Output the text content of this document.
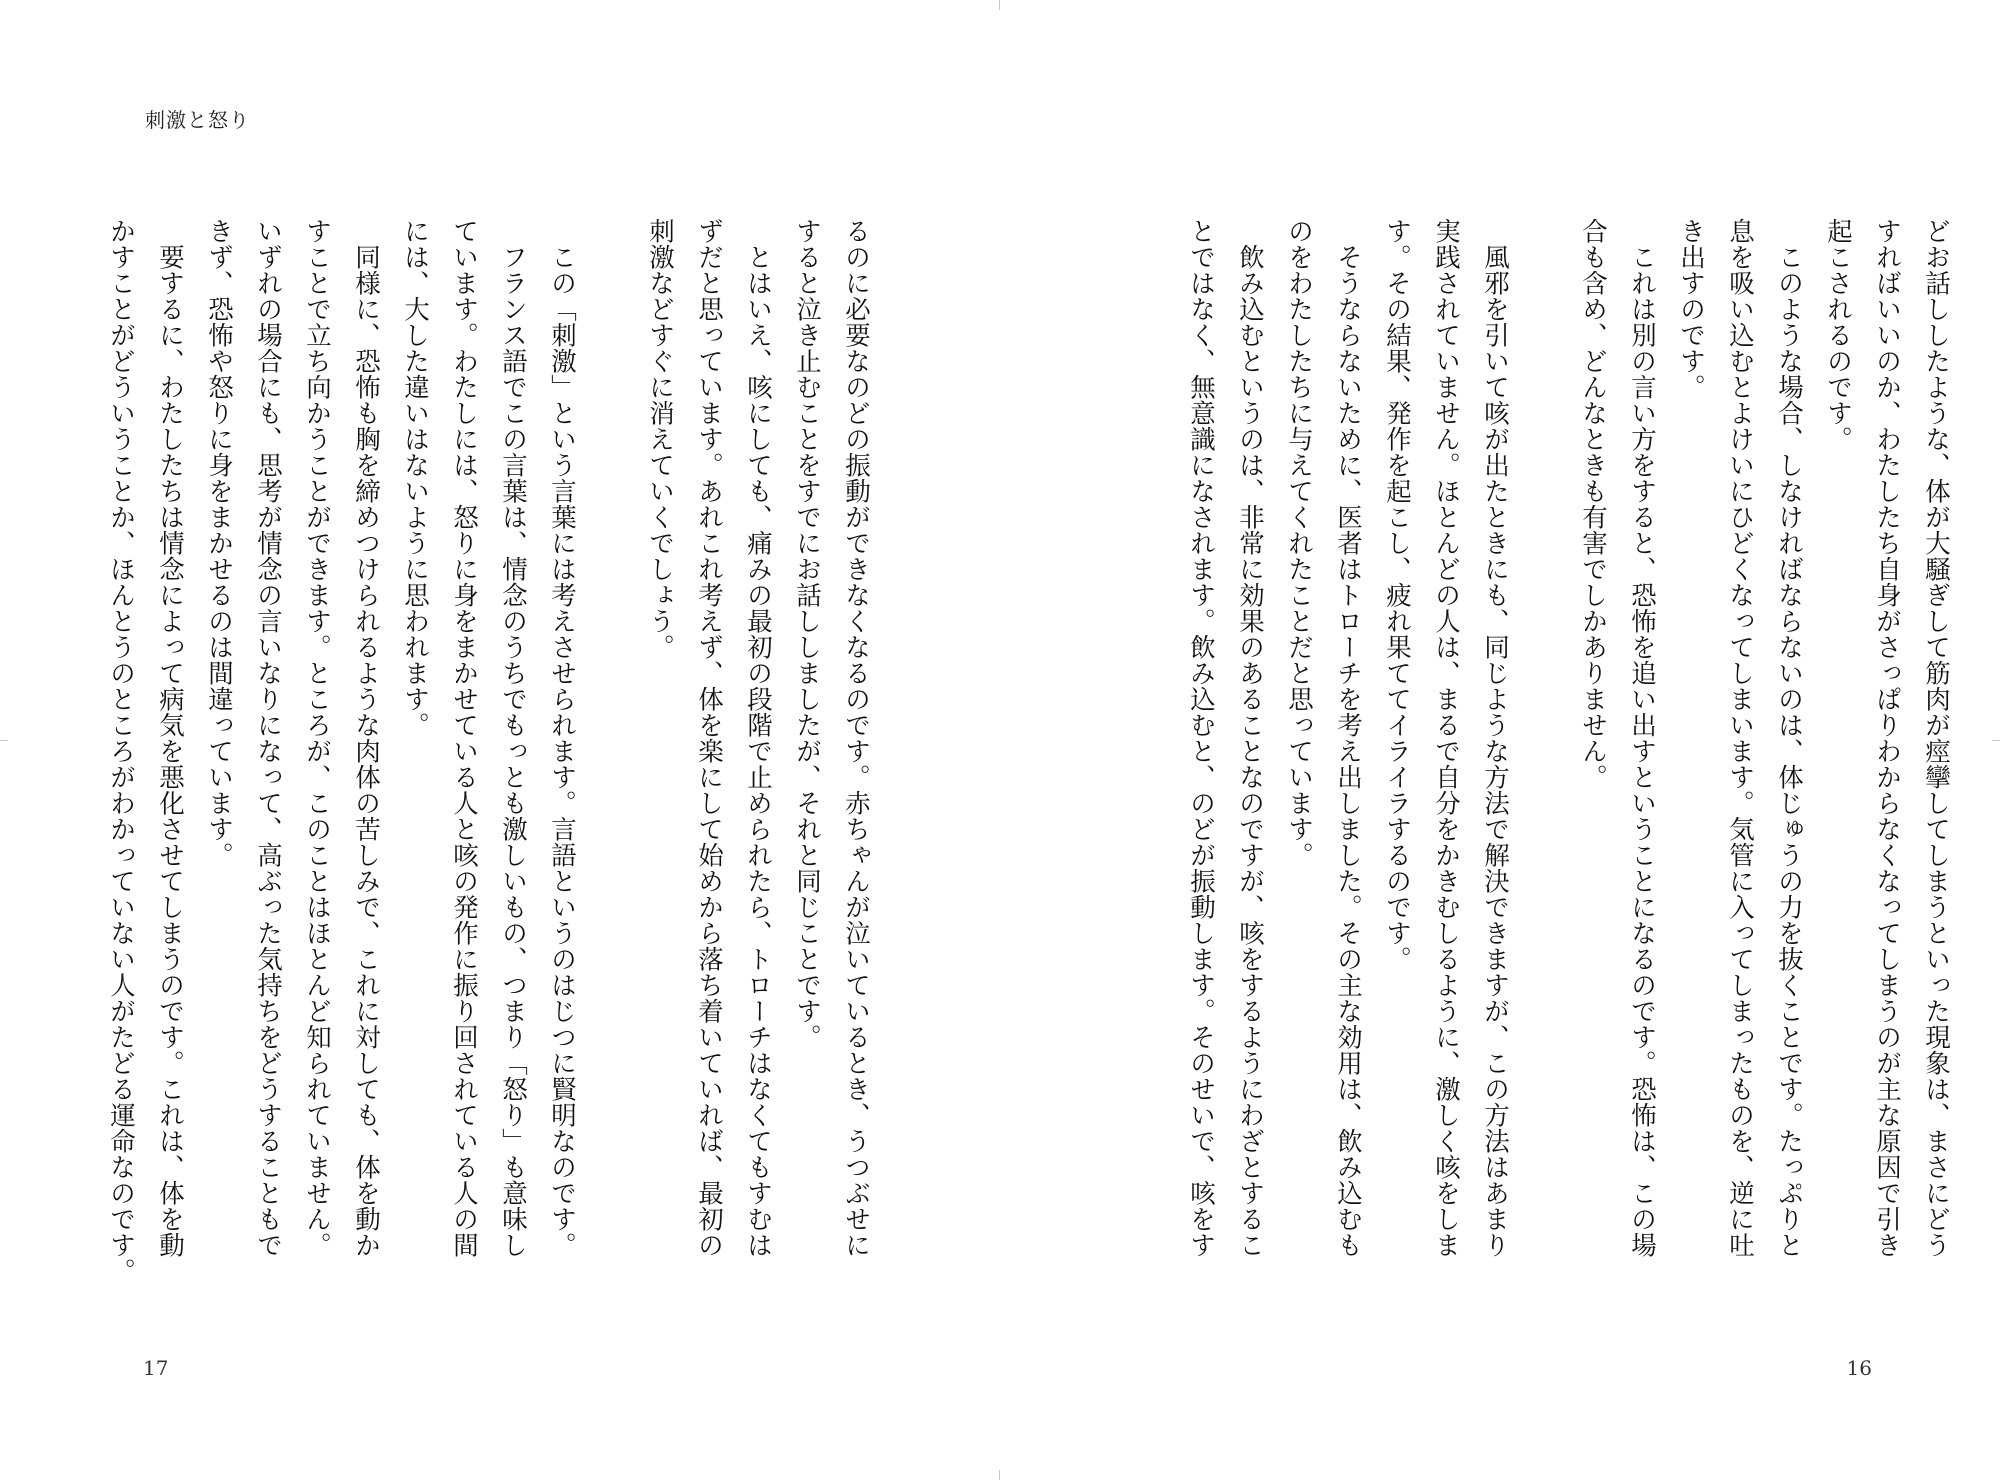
刺激と怒り

るのに必要なのどの振動ができなくなるのです。赤ちゃんが泣いているとき、うつぶせに

すると泣き止むことをすでにお話ししましたが、それと同じことです。

とはいえ、咳にしても、痛みの最初の段階で止められたら、トローチはなくてもすむは

ずだと思っています。あれこれ考えず、体を楽にして始めから落ち着いていれば、最初の

刺激などすぐに消えていくでしょう。

この「刺激」という言葉には考えさせられます。言語というのはじつに賢明なのです。

フランス語でこの言葉は、情念のうちでもっとも激しいもの、つまり「怒り」も意味し

ています。わたしには、怒りに身をまかせている人と咳の発作に振り回されている人の間

には、大した違いはないように思われます。

同様に、恐怖も胸を締めつけられるような肉体の苦しみで、これに対しても、体を動か

すことで立ち向かうことができます。ところが、このことはほとんど知られていません。

いずれの場合にも、思考が情念の言いなりになって、高ぶった気持ちをどうすることもで

きず、恐怖や怒りに身をまかせるのは間違っています。

要するに、わたしたちは情念によって病気を悪化させてしまうのです。これは、体を動

かすことがどういうことか、ほんとうのところがわかっていない人がたどる運命なのです。

17

どお話ししたような、体が大騒ぎして筋肉が痙攣してしまうといった現象は、まさにどう

すればいいのか、わたしたち自身がさっぱりわからなくなってしまうのが主な原因で引き

起こされるのです。

このような場合、しなければならないのは、体じゅうの力を抜くことです。たっぷりと

息を吸い込むとよけいにひどくなってしまいます。気管に入ってしまったものを、逆に吐

き出すのです。

これは別の言い方をすると、恐怖を追い出すということになるのです。恐怖は、この場

合も含め、どんなときも有害でしかありません。

風邪を引いて咳が出たときにも、同じような方法で解決できますが、この方法はあまり

実践されていません。ほとんどの人は、まるで自分をかきむしるように、激しく咳をしま

す。その結果、発作を起こし、疲れ果ててイライラするのです。

そうならないために、医者はトローチを考え出しました。その主な効用は、飲み込むも

のをわたしたちに与えてくれたことだと思っています。

飲み込むというのは、非常に効果のあることなのですが、咳をするようにわざとするこ

とではなく、無意識になされます。飲み込むと、のどが振動します。そのせいで、咳をす

16
